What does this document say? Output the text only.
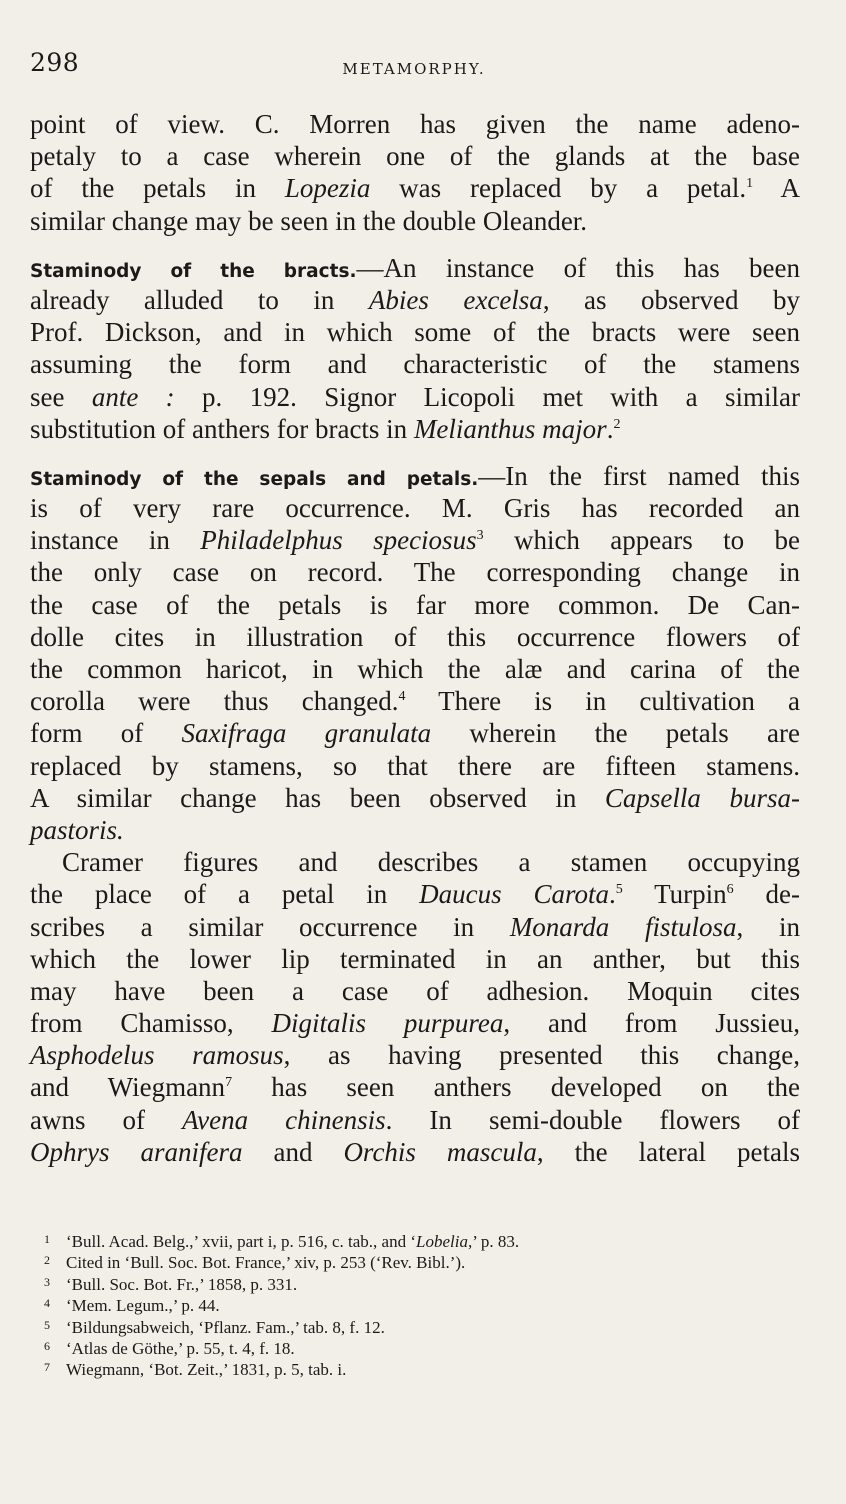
298	METAMORPHY.
point of view. C. Morren has given the name adeno-
petaly to a case wherein one of the glands at the base
of the petals in Lopezia was replaced by a petal.$^1$ A
similar change may be seen in the double Oleander.
Staminody of the bracts.—An instance of this has been
already alluded to in Abies excelsa, as observed by
Prof. Dickson, and in which some of the bracts were seen
assuming the form and characteristic of the stamens
see ante : p. 192. Signor Licopoli met with a similar
substitution of anthers for bracts in Melianthus major.$^2$
Staminody of the sepals and petals.—In the first named this
is of very rare occurrence. M. Gris has recorded an
instance in Philadelphus speciosus$^3$ which appears to be
the only case on record. The corresponding change in
the case of the petals is far more common. De Can-
dolle cites in illustration of this occurrence flowers of
the common haricot, in which the alæ and carina of the
corolla were thus changed.$^4$ There is in cultivation a
form of Saxifraga granulata wherein the petals are
replaced by stamens, so that there are fifteen stamens.
A similar change has been observed in Capsella bursa-
pastoris.
Cramer figures and describes a stamen occupying
the place of a petal in Daucus Carota.$^5$ Turpin$^6$ de-
scribes a similar occurrence in Monarda fistulosa, in
which the lower lip terminated in an anther, but this
may have been a case of adhesion. Moquin cites
from Chamisso, Digitalis purpurea, and from Jussieu,
Asphodelus ramosus, as having presented this change,
and Wiegmann$^7$ has seen anthers developed on the
awns of Avena chinensis. In semi-double flowers of
Ophrys aranifera and Orchis mascula, the lateral petals
1 ‘Bull. Acad. Belg.,’ xvii, part i, p. 516, c. tab., and ‘Lobelia,’ p. 83.
2 Cited in ‘Bull. Soc. Bot. France,’ xiv, p. 253 (‘Rev. Bibl.’).
3 ‘Bull. Soc. Bot. Fr.,’ 1858, p. 331.
4 ‘Mem. Legum.,’ p. 44.
5 ‘Bildungsabweich, ‘Pflanz. Fam.,’ tab. 8, f. 12.
6 ‘Atlas de Göthe,’ p. 55, t. 4, f. 18.
7 Wiegmann, ‘Bot. Zeit.,’ 1831, p. 5, tab. i.
